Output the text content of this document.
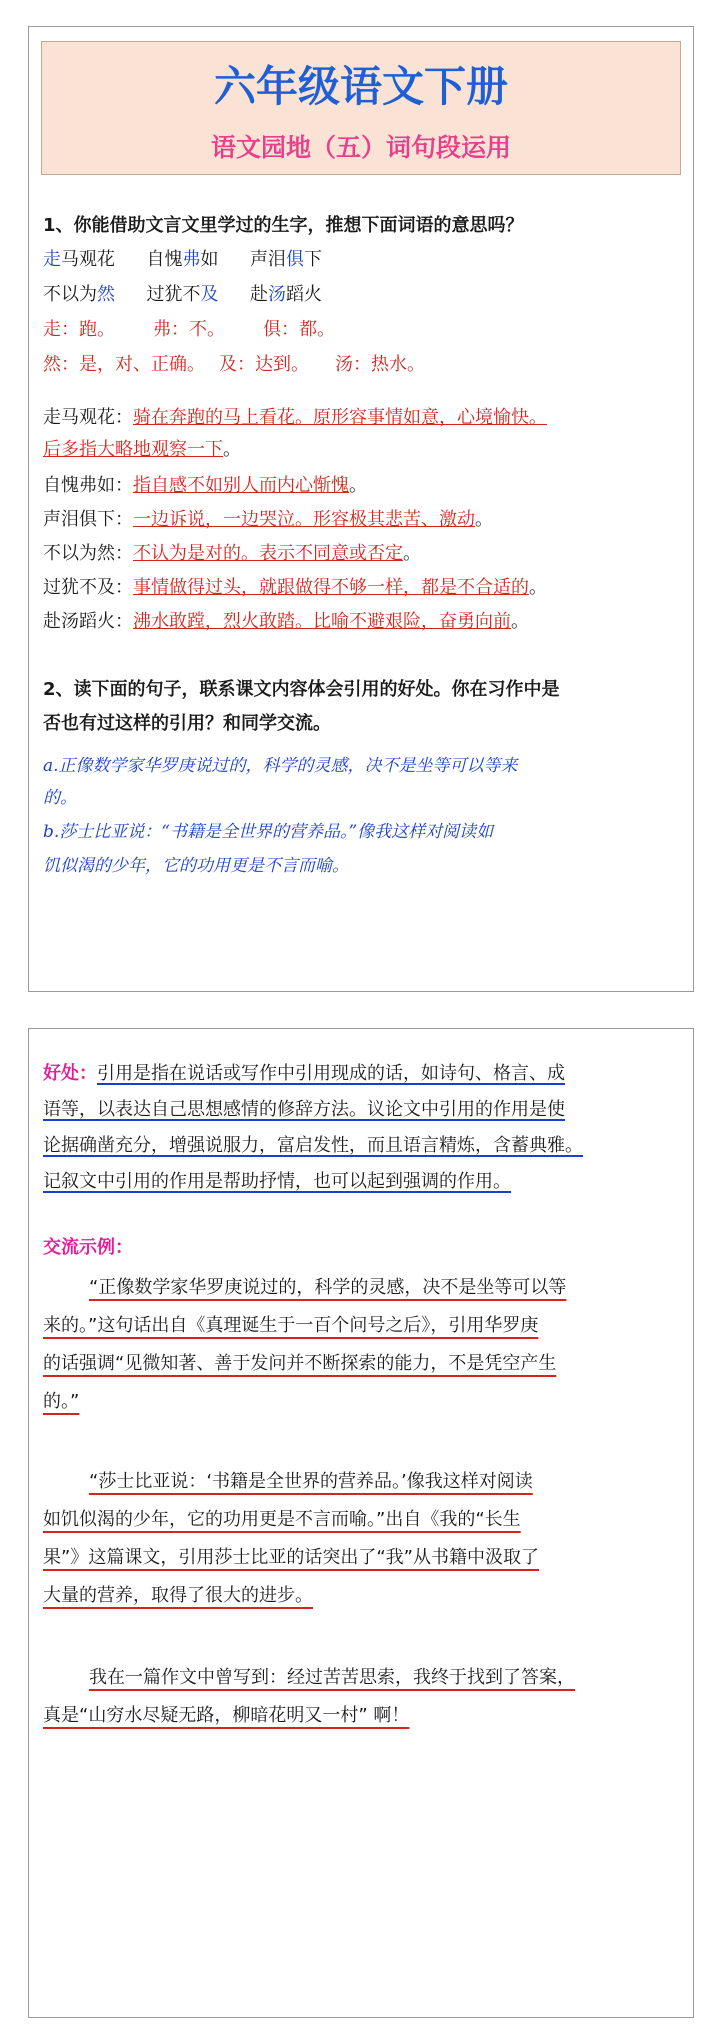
六年级语文下册
语文园地（五）词句段运用
1、你能借助文言文里学过的生字，推想下面词语的意思吗？
走马观花 自愧弗如 声泪俱下
不以为然 过犹不及 赴汤蹈火
走：跑。 弗：不。 俱：都。
然：是，对、正确。 及：达到。 汤：热水。
走马观花：骑在奔跑的马上看花。原形容事情如意，心境愉快。
后多指大略地观察一下。
自愧弗如：指自感不如别人而内心惭愧。
声泪俱下：一边诉说，一边哭泣。形容极其悲苦、激动。
不以为然：不认为是对的。表示不同意或否定。
过犹不及：事情做得过头，就跟做得不够一样，都是不合适的。
赴汤蹈火：沸水敢蹚，烈火敢踏。比喻不避艰险，奋勇向前。
2、读下面的句子，联系课文内容体会引用的好处。你在习作中是
否也有过这样的引用？和同学交流。
a.正像数学家华罗庚说过的，科学的灵感，决不是坐等可以等来
的。
b.莎士比亚说：“书籍是全世界的营养品。”像我这样对阅读如
饥似渴的少年，它的功用更是不言而喻。
好处：引用是指在说话或写作中引用现成的话，如诗句、格言、成
语等，以表达自己思想感情的修辞方法。议论文中引用的作用是使
论据确凿充分，增强说服力，富启发性，而且语言精炼，含蓄典雅。
记叙文中引用的作用是帮助抒情，也可以起到强调的作用。
交流示例：
“正像数学家华罗庚说过的，科学的灵感，决不是坐等可以等
来的。”这句话出自《真理诞生于一百个问号之后》，引用华罗庚
的话强调“见微知著、善于发问并不断探索的能力，不是凭空产生
的。”
“莎士比亚说：‘书籍是全世界的营养品。’像我这样对阅读
如饥似渴的少年，它的功用更是不言而喻。”出自《我的“长生
果”》这篇课文，引用莎士比亚的话突出了“我”从书籍中汲取了
大量的营养，取得了很大的进步。
我在一篇作文中曾写到：经过苦苦思索，我终于找到了答案，
真是“山穷水尽疑无路，柳暗花明又一村” 啊！
